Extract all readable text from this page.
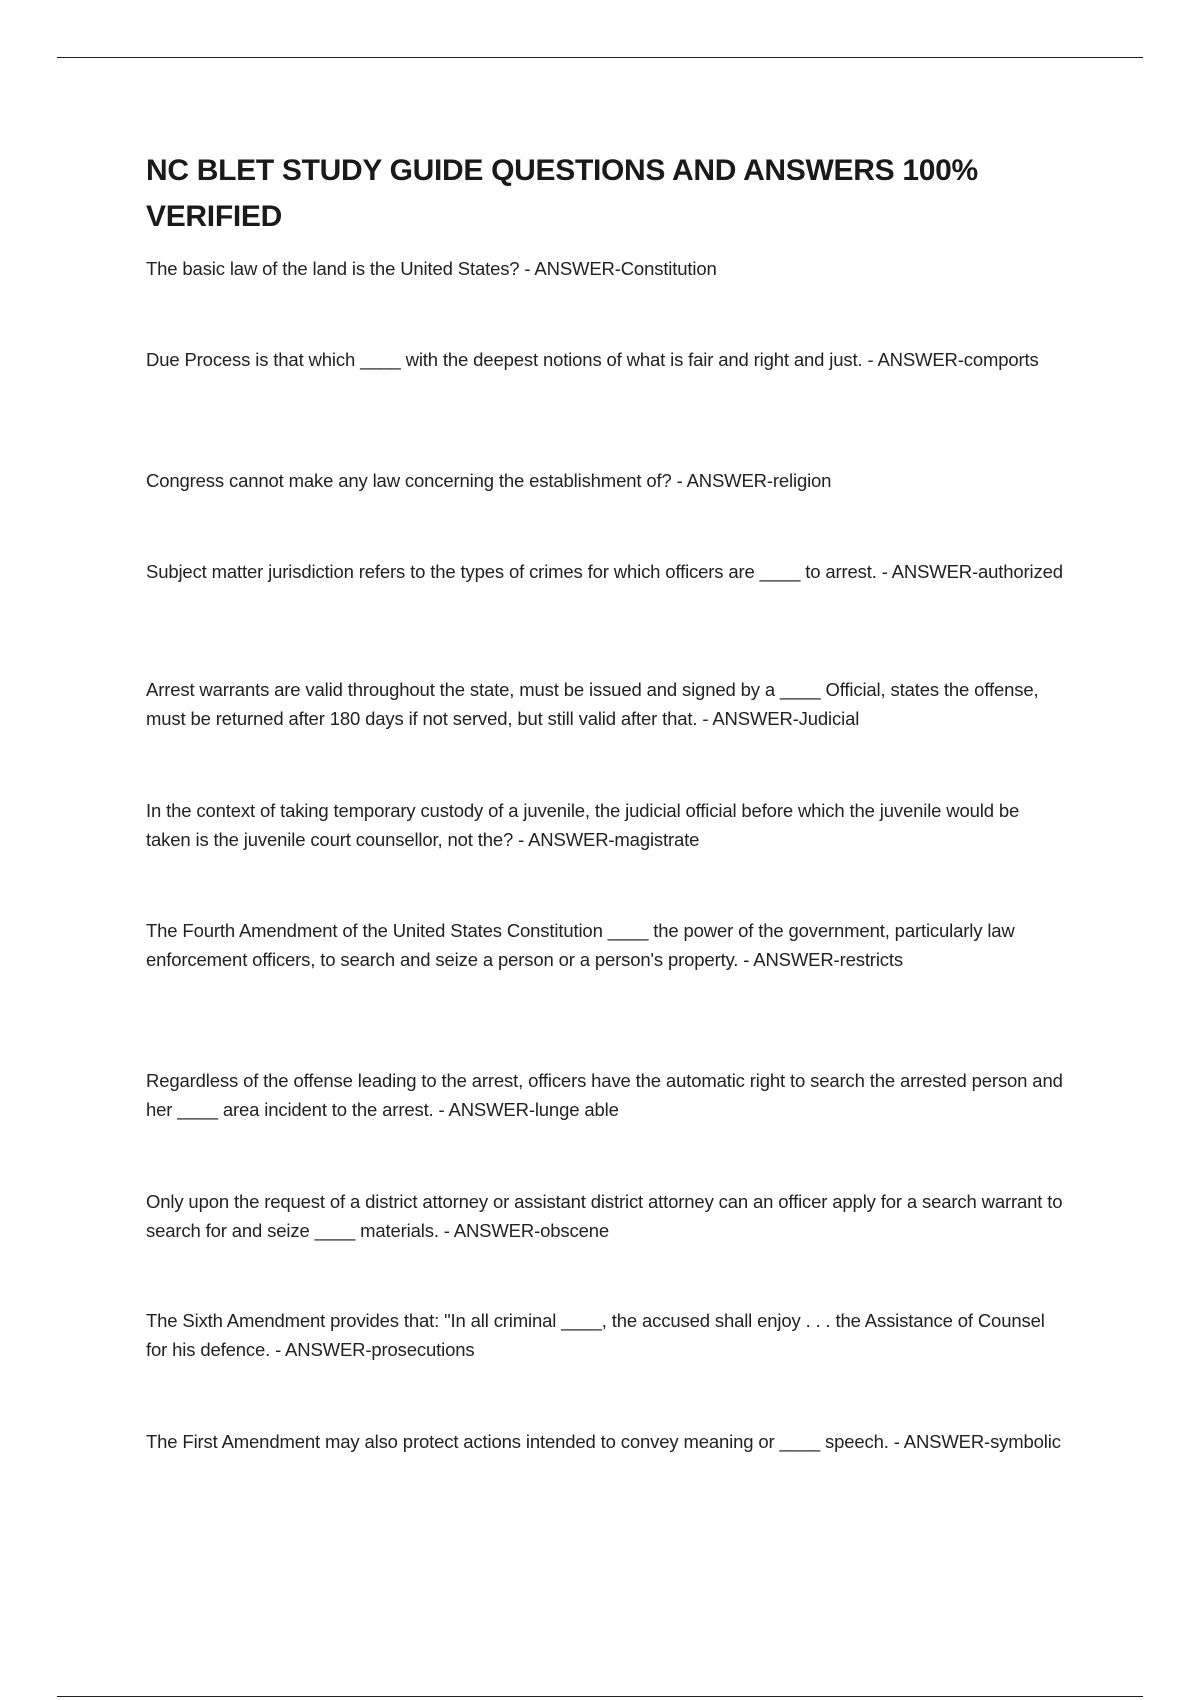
NC BLET STUDY GUIDE QUESTIONS AND ANSWERS 100% VERIFIED
The basic law of the land is the United States? - ANSWER-Constitution
Due Process is that which ____ with the deepest notions of what is fair and right and just. - ANSWER-comports
Congress cannot make any law concerning the establishment of? - ANSWER-religion
Subject matter jurisdiction refers to the types of crimes for which officers are ____ to arrest. - ANSWER-authorized
Arrest warrants are valid throughout the state, must be issued and signed by a ____ Official, states the offense, must be returned after 180 days if not served, but still valid after that. - ANSWER-Judicial
In the context of taking temporary custody of a juvenile, the judicial official before which the juvenile would be taken is the juvenile court counsellor, not the? - ANSWER-magistrate
The Fourth Amendment of the United States Constitution ____ the power of the government, particularly law enforcement officers, to search and seize a person or a person's property. - ANSWER-restricts
Regardless of the offense leading to the arrest, officers have the automatic right to search the arrested person and her ____ area incident to the arrest. - ANSWER-lunge able
Only upon the request of a district attorney or assistant district attorney can an officer apply for a search warrant to search for and seize ____ materials. - ANSWER-obscene
The Sixth Amendment provides that: "In all criminal ____, the accused shall enjoy . . . the Assistance of Counsel for his defence. - ANSWER-prosecutions
The First Amendment may also protect actions intended to convey meaning or ____ speech. - ANSWER-symbolic
